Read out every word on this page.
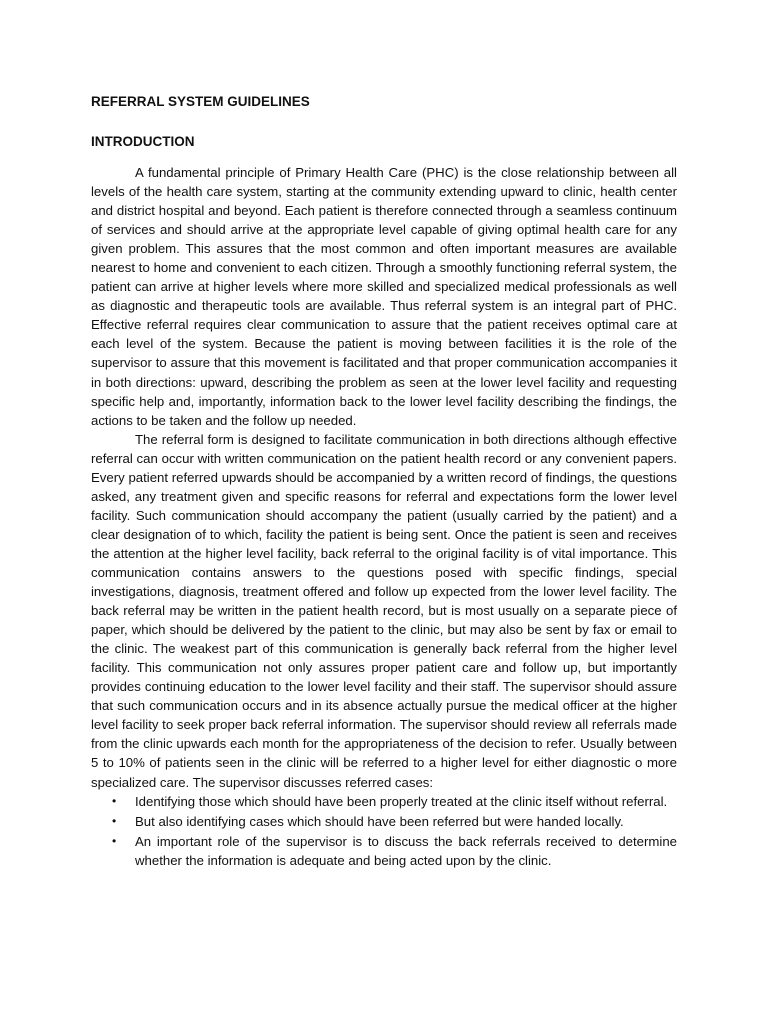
REFERRAL SYSTEM GUIDELINES
INTRODUCTION

A fundamental principle of Primary Health Care (PHC) is the close relationship between all levels of the health care system, starting at the community extending upward to clinic, health center and district hospital and beyond. Each patient is therefore connected through a seamless continuum of services and should arrive at the appropriate level capable of giving optimal health care for any given problem. This assures that the most common and often important measures are available nearest to home and convenient to each citizen. Through a smoothly functioning referral system, the patient can arrive at higher levels where more skilled and specialized medical professionals as well as diagnostic and therapeutic tools are available. Thus referral system is an integral part of PHC. Effective referral requires clear communication to assure that the patient receives optimal care at each level of the system. Because the patient is moving between facilities it is the role of the supervisor to assure that this movement is facilitated and that proper communication accompanies it in both directions: upward, describing the problem as seen at the lower level facility and requesting specific help and, importantly, information back to the lower level facility describing the findings, the actions to be taken and the follow up needed.

The referral form is designed to facilitate communication in both directions although effective referral can occur with written communication on the patient health record or any convenient papers. Every patient referred upwards should be accompanied by a written record of findings, the questions asked, any treatment given and specific reasons for referral and expectations form the lower level facility. Such communication should accompany the patient (usually carried by the patient) and a clear designation of to which, facility the patient is being sent. Once the patient is seen and receives the attention at the higher level facility, back referral to the original facility is of vital importance. This communication contains answers to the questions posed with specific findings, special investigations, diagnosis, treatment offered and follow up expected from the lower level facility. The back referral may be written in the patient health record, but is most usually on a separate piece of paper, which should be delivered by the patient to the clinic, but may also be sent by fax or email to the clinic. The weakest part of this communication is generally back referral from the higher level facility. This communication not only assures proper patient care and follow up, but importantly provides continuing education to the lower level facility and their staff. The supervisor should assure that such communication occurs and in its absence actually pursue the medical officer at the higher level facility to seek proper back referral information. The supervisor should review all referrals made from the clinic upwards each month for the appropriateness of the decision to refer. Usually between 5 to 10% of patients seen in the clinic will be referred to a higher level for either diagnostic o more specialized care. The supervisor discusses referred cases:

• Identifying those which should have been properly treated at the clinic itself without referral.
• But also identifying cases which should have been referred but were handed locally.
• An important role of the supervisor is to discuss the back referrals received to determine whether the information is adequate and being acted upon by the clinic.
